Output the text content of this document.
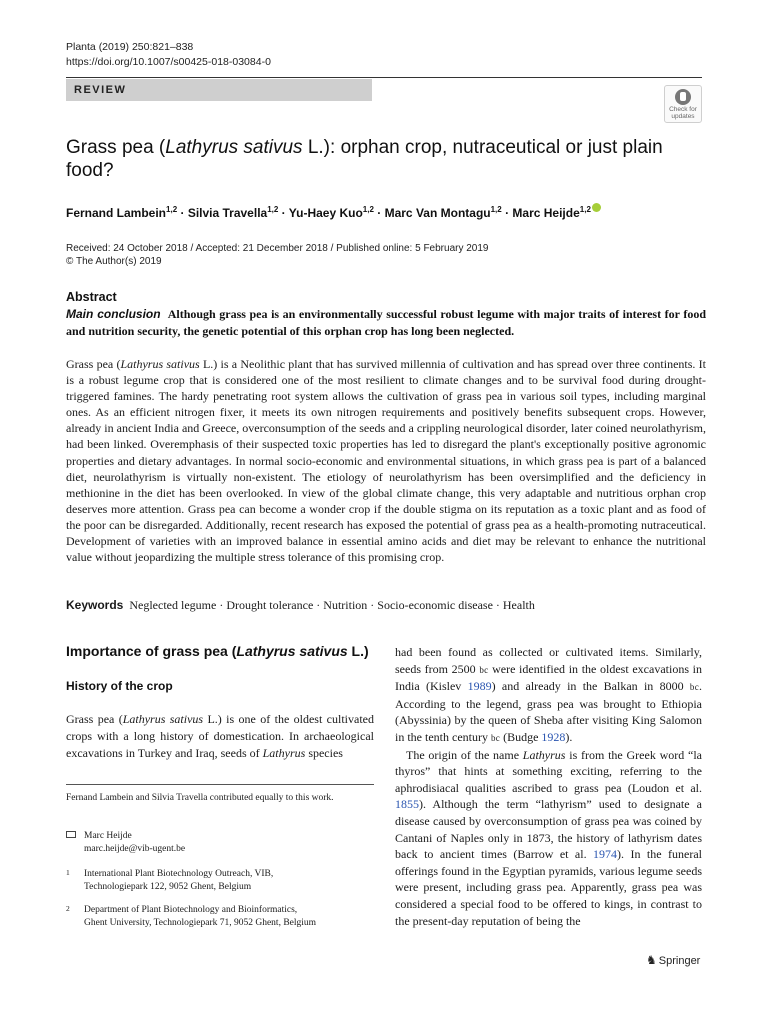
Planta (2019) 250:821–838
https://doi.org/10.1007/s00425-018-03084-0
REVIEW
Check for updates
Grass pea (Lathyrus sativus L.): orphan crop, nutraceutical or just plain
food?
Fernand Lambein$^{1,2}$ · Silvia Travella$^{1,2}$ · Yu-Haey Kuo$^{1,2}$ · Marc Van Montagu$^{1,2}$ · Marc Heijde$^{1,2}$
Received: 24 October 2018 / Accepted: 21 December 2018 / Published online: 5 February 2019
© The Author(s) 2019
Abstract
Main conclusion Although grass pea is an environmentally successful robust legume with major traits of interest for food and nutrition security, the genetic potential of this orphan crop has long been neglected.
Grass pea (Lathyrus sativus L.) is a Neolithic plant that has survived millennia of cultivation and has spread over three continents. It is a robust legume crop that is considered one of the most resilient to climate changes and to be survival food during drought-triggered famines. The hardy penetrating root system allows the cultivation of grass pea in various soil types, including marginal ones. As an efficient nitrogen fixer, it meets its own nitrogen requirements and positively benefits subsequent crops. However, already in ancient India and Greece, overconsumption of the seeds and a crippling neurological disorder, later coined neurolathyrism, had been linked. Overemphasis of their suspected toxic properties has led to disregard the plant's exceptionally positive agronomic properties and dietary advantages. In normal socio-economic and environmental situations, in which grass pea is part of a balanced diet, neurolathyrism is virtually non-existent. The etiology of neurolathyrism has been oversimplified and the deficiency in methionine in the diet has been overlooked. In view of the global climate change, this very adaptable and nutritious orphan crop deserves more attention. Grass pea can become a wonder crop if the double stigma on its reputation as a toxic plant and as food of the poor can be disregarded. Additionally, recent research has exposed the potential of grass pea as a health-promoting nutraceutical. Development of varieties with an improved balance in essential amino acids and diet may be relevant to enhance the nutritional value without jeopardizing the multiple stress tolerance of this promising crop.
Keywords Neglected legume · Drought tolerance · Nutrition · Socio-economic disease · Health
Importance of grass pea (Lathyrus sativus L.)
History of the crop
Grass pea (Lathyrus sativus L.) is one of the oldest cultivated crops with a long history of domestication. In archaeological excavations in Turkey and Iraq, seeds of Lathyrus species
Fernand Lambein and Silvia Travella contributed equally to this work.
Marc Heijde
marc.heijde@vib-ugent.be
1 International Plant Biotechnology Outreach, VIB,
Technologiepark 122, 9052 Ghent, Belgium
2 Department of Plant Biotechnology and Bioinformatics,
Ghent University, Technologiepark 71, 9052 Ghent, Belgium

had been found as collected or cultivated items. Similarly, seeds from 2500 bc were identified in the oldest excavations in India (Kislev 1989) and already in the Balkan in 8000 bc. According to the legend, grass pea was brought to Ethiopia (Abyssinia) by the queen of Sheba after visiting King Salomon in the tenth century bc (Budge 1928).

The origin of the name Lathyrus is from the Greek word “la thyros” that hints at something exciting, referring to the aphrodisiacal qualities ascribed to grass pea (Loudon et al. 1855). Although the term “lathyrism” used to designate a disease caused by overconsumption of grass pea was coined by Cantani of Naples only in 1873, the history of lathyrism dates back to ancient times (Barrow et al. 1974). In the funeral offerings found in the Egyptian pyramids, various legume seeds were present, including grass pea. Apparently, grass pea was considered a special food to be offered to kings, in contrast to the present-day reputation of being the

♞ Springer
